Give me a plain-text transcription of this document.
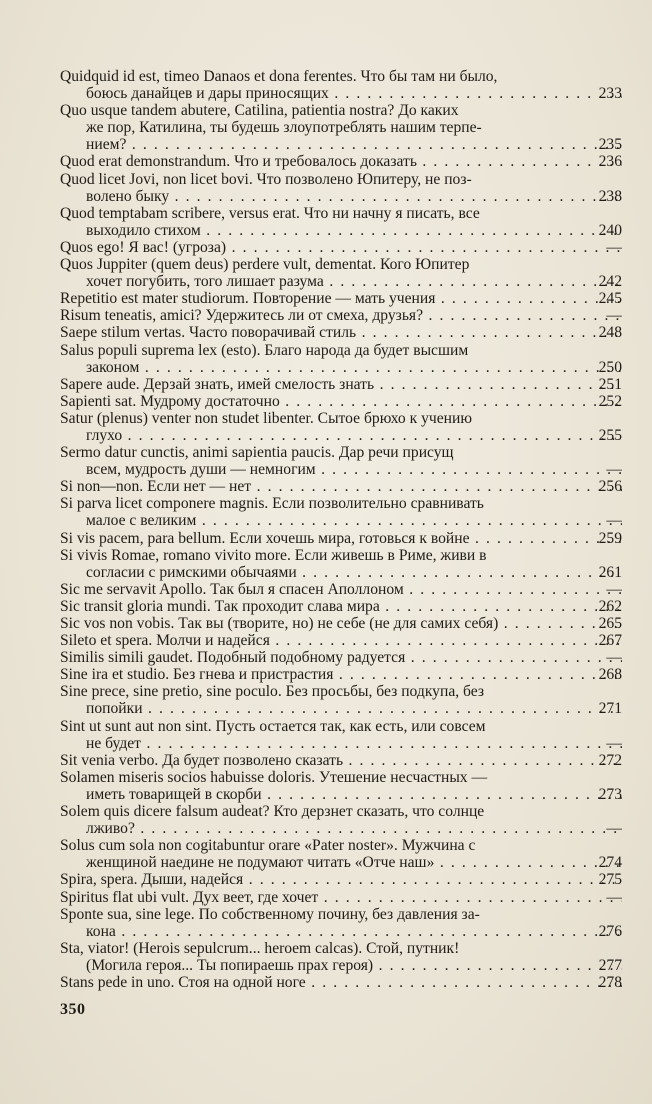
Quidquid id est, timeo Danaos et dona ferentes. Что бы там ни было,
боюсь данайцев и дары приносящих . . .	233
Quo usque tandem abutere, Catilina, patientia nostra? До каких
же пор, Катилина, ты будешь злоупотреблять нашим терпе-
нием? . . .	235
Quod erat demonstrandum. Что и требовалось доказать . . .	236
Quod licet Jovi, non licet bovi. Что позволено Юпитеру, не поз-
волено быку . . .	238
Quod temptabam scribere, versus erat. Что ни начну я писать, все
выходило стихом . . .	240
Quos ego! Я вас! (угроза) . . .	—
Quos Juppiter (quem deus) perdere vult, dementat. Кого Юпитер
хочет погубить, того лишает разума . . .	242
Repetitio est mater studiorum. Повторение — мать учения . . .	245
Risum teneatis, amici? Удержитесь ли от смеха, друзья? . . .	—
Saepe stilum vertas. Часто поворачивай стиль . . .	248
Salus populi suprema lex (esto). Благо народа да будет высшим
законом . . .	250
Sapere aude. Дерзай знать, имей смелость знать . . .	251
Sapienti sat. Мудрому достаточно . . .	252
Satur (plenus) venter non studet libenter. Сытое брюхо к учению
глухо . . .	255
Sermo datur cunctis, animi sapientia paucis. Дар речи присущ
всем, мудрость души — немногим . . .	—
Si non—non. Если нет — нет . . .	256
Si parva licet componere magnis. Если позволительно сравнивать
малое с великим . . .	—
Si vis pacem, para bellum. Если хочешь мира, готовься к войне . . .	259
Si vivis Romae, romano vivito more. Если живешь в Риме, живи в
согласии с римскими обычаями . . .	261
Sic me servavit Apollo. Так был я спасен Аполлоном . . .	—
Sic transit gloria mundi. Так проходит слава мира . . .	262
Sic vos non vobis. Так вы (творите, но) не себе (не для самих себя) . . .	265
Sileto et spera. Молчи и надейся . . .	267
Similis simili gaudet. Подобный подобному радуется . . .	—
Sine ira et studio. Без гнева и пристрастия . . .	268
Sine prece, sine pretio, sine poculo. Без просьбы, без подкупа, без
попойки . . .	271
Sint ut sunt aut non sint. Пусть остается так, как есть, или совсем
не будет . . .	—
Sit venia verbo. Да будет позволено сказать . . .	272
Solamen miseris socios habuisse doloris. Утешение несчастных —
иметь товарищей в скорби . . .	273
Solem quis dicere falsum audeat? Кто дерзнет сказать, что солнце
лживо? . . .	—
Solus cum sola non cogitabuntur orare «Pater noster». Мужчина с
женщиной наедине не подумают читать «Отче наш» . . .	274
Spira, spera. Дыши, надейся . . .	275
Spiritus flat ubi vult. Дух веет, где хочет . . .	—
Sponte sua, sine lege. По собственному почину, без давления за-
кона . . .	276
Sta, viator! (Herois sepulcrum... heroem calcas). Стой, путник!
(Могила героя... Ты попираешь прах героя) . . .	277
Stans pede in uno. Стоя на одной ноге . . .	278
350
